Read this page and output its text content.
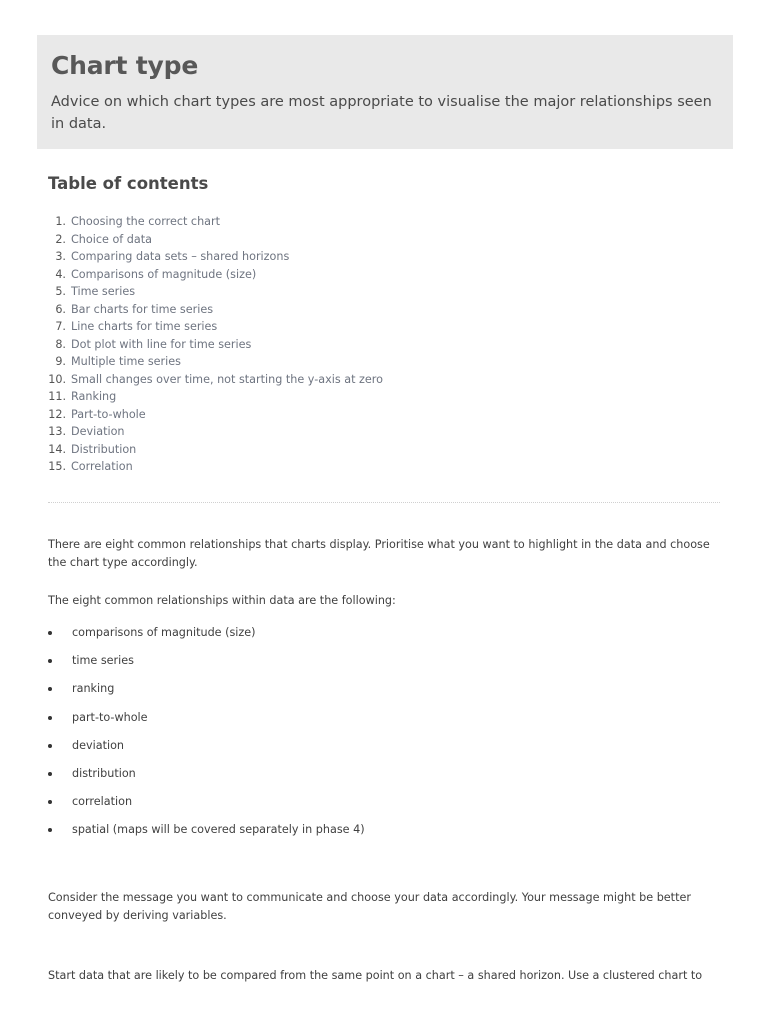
Chart type

Advice on which chart types are most appropriate to visualise the major relationships seen in data.

Table of contents
1. Choosing the correct chart
2. Choice of data
3. Comparing data sets – shared horizons
4. Comparisons of magnitude (size)
5. Time series
6. Bar charts for time series
7. Line charts for time series
8. Dot plot with line for time series
9. Multiple time series
10. Small changes over time, not starting the y-axis at zero
11. Ranking
12. Part-to-whole
13. Deviation
14. Distribution
15. Correlation

There are eight common relationships that charts display. Prioritise what you want to highlight in the data and choose the chart type accordingly.

The eight common relationships within data are the following:

comparisons of magnitude (size)
time series
ranking
part-to-whole
deviation
distribution
correlation
spatial (maps will be covered separately in phase 4)

Consider the message you want to communicate and choose your data accordingly. Your message might be better conveyed by deriving variables.

Start data that are likely to be compared from the same point on a chart – a shared horizon. Use a clustered chart to
